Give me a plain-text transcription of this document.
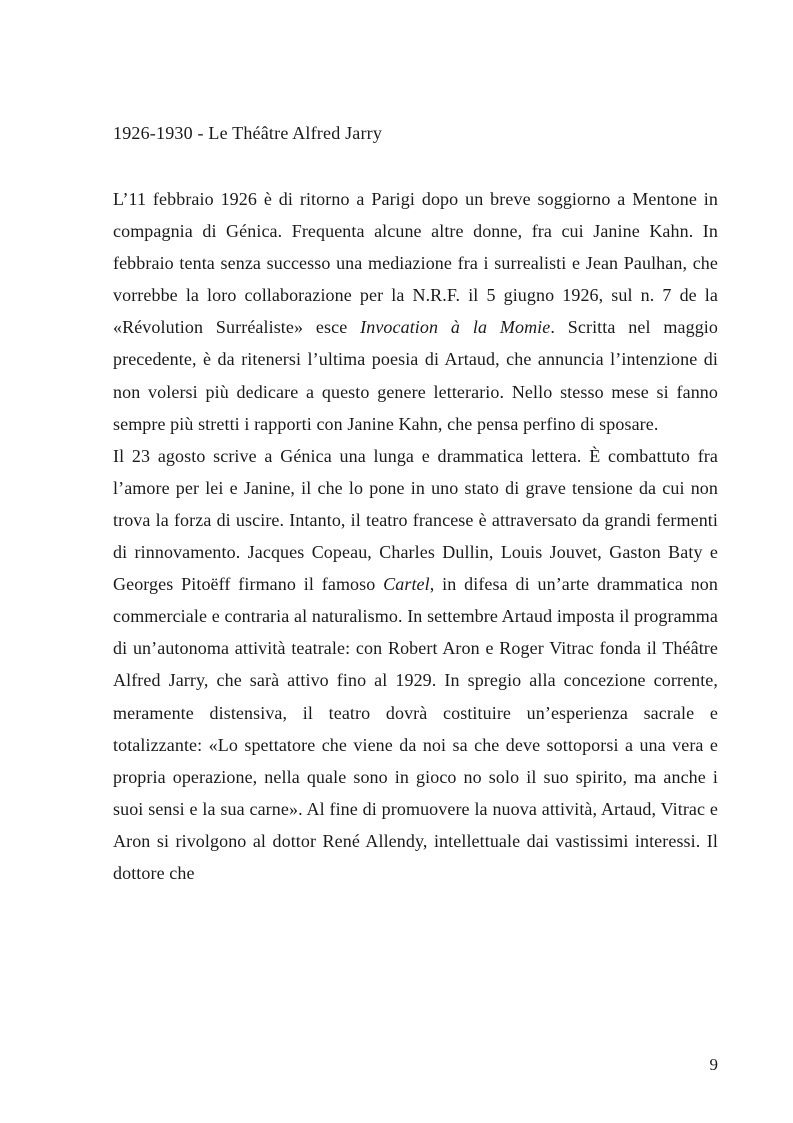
1926-1930 - Le Théâtre Alfred Jarry

L’11 febbraio 1926 è di ritorno a Parigi dopo un breve soggiorno a Mentone in compagnia di Génica. Frequenta alcune altre donne, fra cui Janine Kahn. In febbraio tenta senza successo una mediazione fra i surrealisti e Jean Paulhan, che vorrebbe la loro collaborazione per la N.R.F. il 5 giugno 1926, sul n. 7 de la «Révolution Surréaliste» esce Invocation à la Momie. Scritta nel maggio precedente, è da ritenersi l’ultima poesia di Artaud, che annuncia l’intenzione di non volersi più dedicare a questo genere letterario. Nello stesso mese si fanno sempre più stretti i rapporti con Janine Kahn, che pensa perfino di sposare.

Il 23 agosto scrive a Génica una lunga e drammatica lettera. È combattuto fra l’amore per lei e Janine, il che lo pone in uno stato di grave tensione da cui non trova la forza di uscire. Intanto, il teatro francese è attraversato da grandi fermenti di rinnovamento. Jacques Copeau, Charles Dullin, Louis Jouvet, Gaston Baty e Georges Pitoëff firmano il famoso Cartel, in difesa di un’arte drammatica non commerciale e contraria al naturalismo. In settembre Artaud imposta il programma di un’autonoma attività teatrale: con Robert Aron e Roger Vitrac fonda il Théâtre Alfred Jarry, che sarà attivo fino al 1929. In spregio alla concezione corrente, meramente distensiva, il teatro dovrà costituire un’esperienza sacrale e totalizzante: «Lo spettatore che viene da noi sa che deve sottoporsi a una vera e propria operazione, nella quale sono in gioco no solo il suo spirito, ma anche i suoi sensi e la sua carne». Al fine di promuovere la nuova attività, Artaud, Vitrac e Aron si rivolgono al dottor René Allendy, intellettuale dai vastissimi interessi. Il dottore che

9
